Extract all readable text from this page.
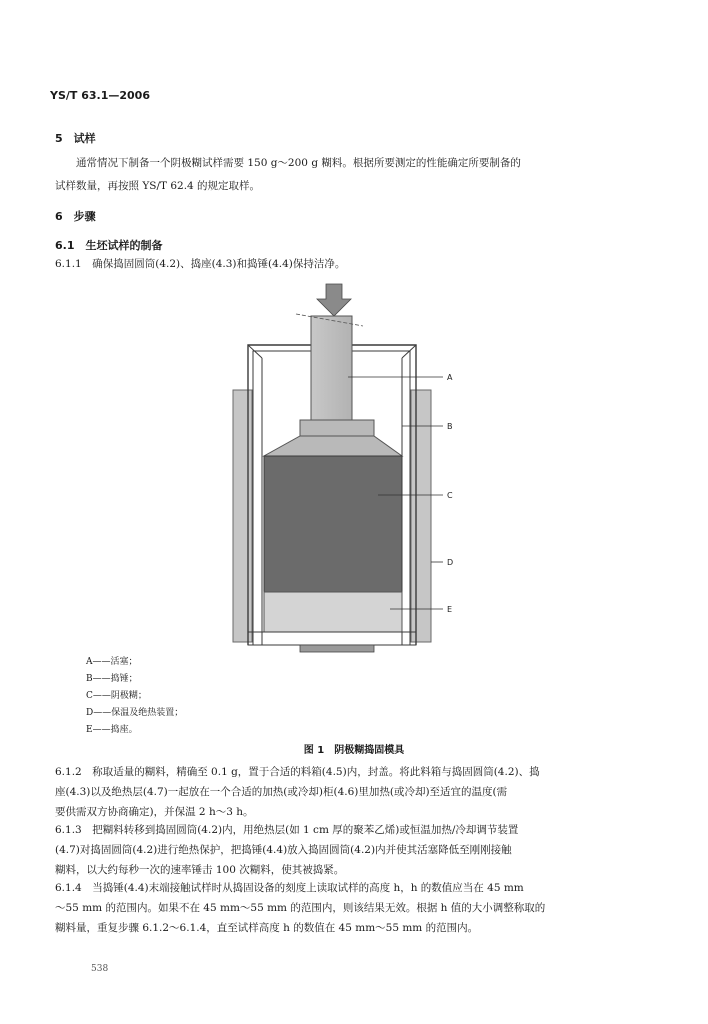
YS/T 63.1—2006
5　试样
通常情况下制备一个阴极糊试样需要 150 g～200 g 糊料。根据所要测定的性能确定所要制备的
试样数量，再按照 YS/T 62.4 的规定取样。
6　步骤
6.1　生坯试样的制备
6.1.1　确保捣固圆筒(4.2)、捣座(4.3)和捣锤(4.4)保持洁净。
A
B
C
D
E
A——活塞；
B——捣锤；
C——阴极糊；
D——保温及绝热装置；
E——捣座。
图 1　阴极糊捣固模具
6.1.2　称取适量的糊料，精确至 0.1 g，置于合适的料箱(4.5)内，封盖。将此料箱与捣固圆筒(4.2)、捣
座(4.3)以及绝热层(4.7)一起放在一个合适的加热(或冷却)柜(4.6)里加热(或冷却)至适宜的温度(需
要供需双方协商确定)，并保温 2 h～3 h。
6.1.3　把糊料转移到捣固圆筒(4.2)内，用绝热层(如 1 cm 厚的聚苯乙烯)或恒温加热/冷却调节装置
(4.7)对捣固圆筒(4.2)进行绝热保护，把捣锤(4.4)放入捣固圆筒(4.2)内并使其活塞降低至刚刚接触
糊料，以大约每秒一次的速率锤击 100 次糊料，使其被捣紧。
6.1.4　当捣锤(4.4)末端接触试样时从捣固设备的刻度上读取试样的高度 h，h 的数值应当在 45 mm
～55 mm 的范围内。如果不在 45 mm～55 mm 的范围内，则该结果无效。根据 h 值的大小调整称取的
糊料量，重复步骤 6.1.2～6.1.4，直至试样高度 h 的数值在 45 mm～55 mm 的范围内。
538
